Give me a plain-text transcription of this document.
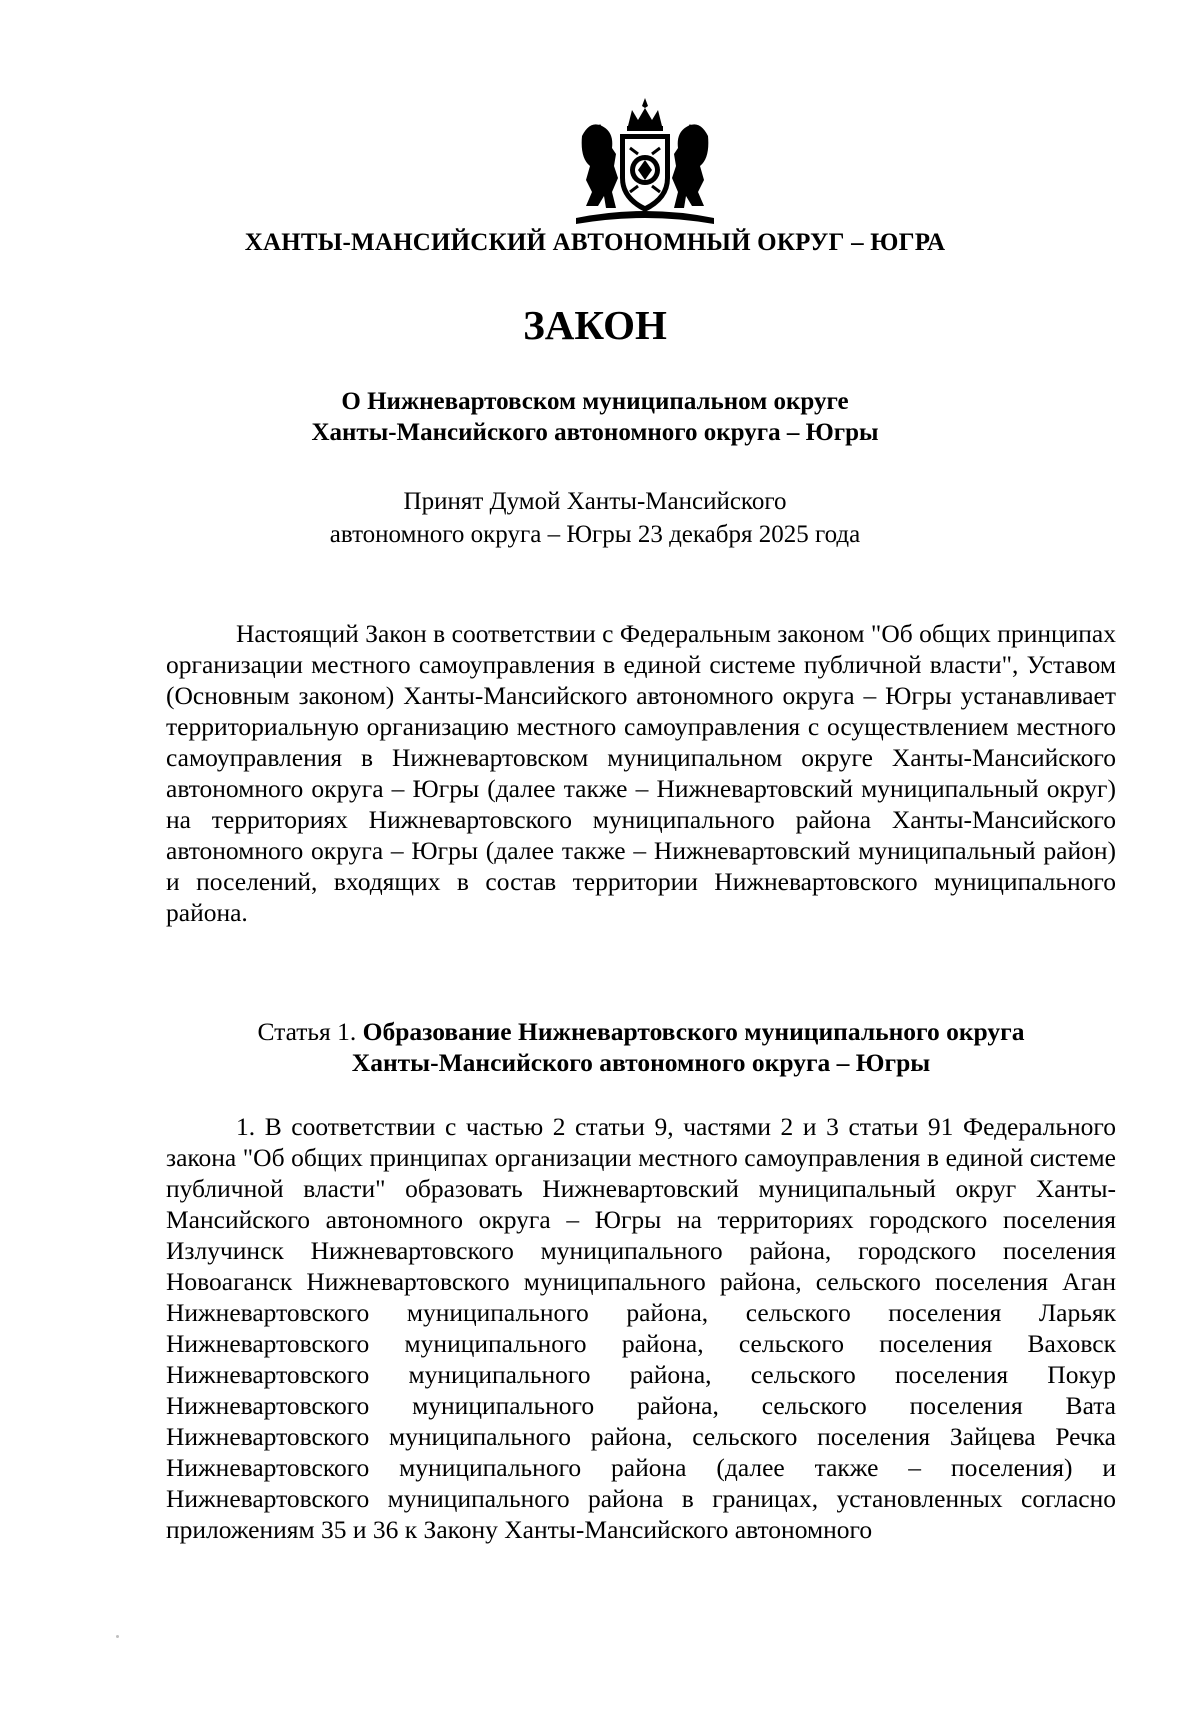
ХАНТЫ-МАНСИЙСКИЙ АВТОНОМНЫЙ ОКРУГ – ЮГРА
ЗАКОН
О Нижневартовском муниципальном округе
Ханты-Мансийского автономного округа – Югры
Принят Думой Ханты-Мансийского
автономного округа – Югры 23 декабря 2025 года

Настоящий Закон в соответствии с Федеральным законом "Об общих принципах организации местного самоуправления в единой системе публичной власти", Уставом (Основным законом) Ханты-Мансийского автономного округа – Югры устанавливает территориальную организацию местного самоуправления с осуществлением местного самоуправления в Нижневартовском муниципальном округе Ханты-Мансийского автономного округа – Югры (далее также – Нижневартовский муниципальный округ) на территориях Нижневартовского муниципального района Ханты-Мансийского автономного округа – Югры (далее также – Нижневартовский муниципальный район) и поселений, входящих в состав территории Нижневартовского муниципального района.

Статья 1. Образование Нижневартовского муниципального округа
Ханты-Мансийского автономного округа – Югры

1. В соответствии с частью 2 статьи 9, частями 2 и 3 статьи 91 Федерального закона "Об общих принципах организации местного самоуправления в единой системе публичной власти" образовать Нижневартовский муниципальный округ Ханты-Мансийского автономного округа – Югры на территориях городского поселения Излучинск Нижневартовского муниципального района, городского поселения Новоаганск Нижневартовского муниципального района, сельского поселения Аган Нижневартовского муниципального района, сельского поселения Ларьяк Нижневартовского муниципального района, сельского поселения Ваховск Нижневартовского муниципального района, сельского поселения Покур Нижневартовского муниципального района, сельского поселения Вата Нижневартовского муниципального района, сельского поселения Зайцева Речка Нижневартовского муниципального района (далее также – поселения) и Нижневартовского муниципального района в границах, установленных согласно приложениям 35 и 36 к Закону Ханты-Мансийского автономного
